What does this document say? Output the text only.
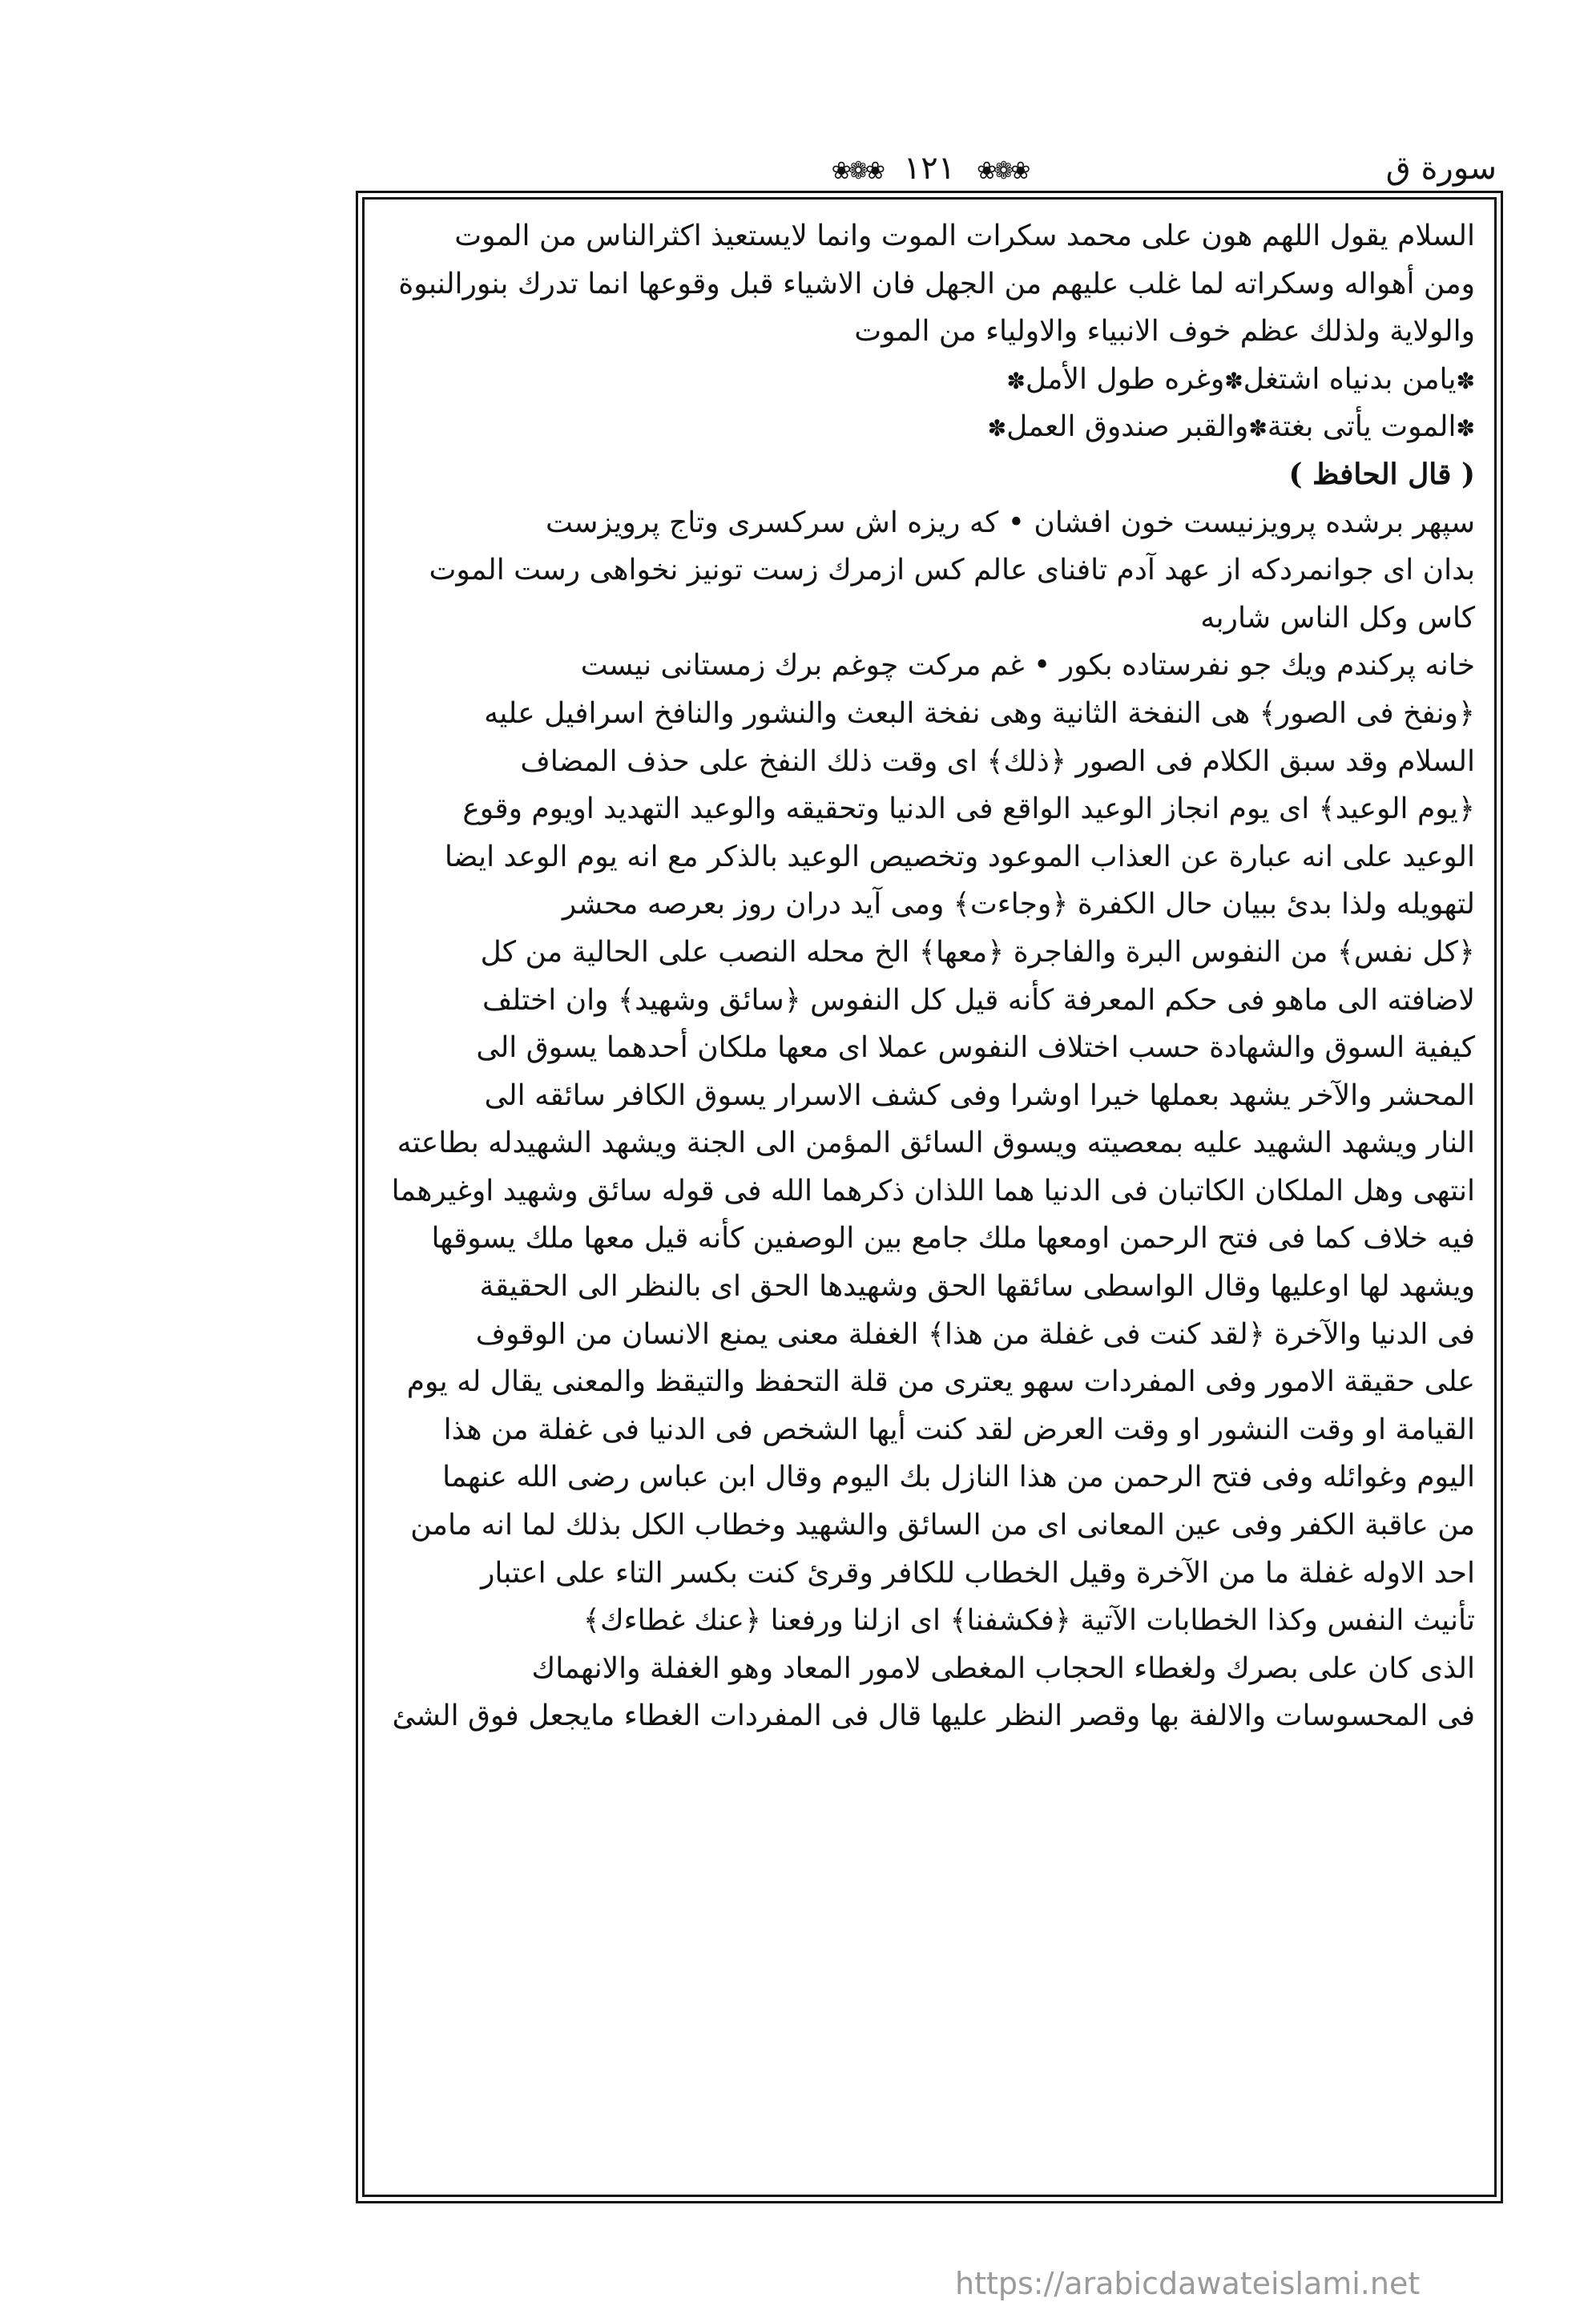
سورة ق
❀❁❀ ١٢١ ❀❁❀
السلام يقول اللهم هون على محمد سكرات الموت وانما لايستعيذ اكثرالناس من الموت
ومن أهواله وسكراته لما غلب عليهم من الجهل فان الاشياء قبل وقوعها انما تدرك بنورالنبوة
والولاية ولذلك عظم خوف الانبياء والاولياء من الموت
✽يامن بدنياه اشتغل✽وغره طول الأمل✽
✽الموت يأتى بغتة✽والقبر صندوق العمل✽
( قال الحافظ )
سپهر برشده پرويزنيست خون افشان • كه ريزه اش سركسرى وتاج پرويزست
بدان اى جوانمردكه از عهد آدم تافناى عالم كس ازمرك زست تونيز نخواهى رست الموت
كاس وكل الناس شاربه
خانه پركندم ويك جو نفرستاده بكور • غم مركت چوغم برك زمستانى نيست
﴿ونفخ فى الصور﴾ هى النفخة الثانية وهى نفخة البعث والنشور والنافخ اسرافيل عليه
السلام وقد سبق الكلام فى الصور ﴿ذلك﴾ اى وقت ذلك النفخ على حذف المضاف
﴿يوم الوعيد﴾ اى يوم انجاز الوعيد الواقع فى الدنيا وتحقيقه والوعيد التهديد اويوم وقوع
الوعيد على انه عبارة عن العذاب الموعود وتخصيص الوعيد بالذكر مع انه يوم الوعد ايضا
لتهويله ولذا بدئ ببيان حال الكفرة ﴿وجاءت﴾ ومى آيد دران روز بعرصه محشر
﴿كل نفس﴾ من النفوس البرة والفاجرة ﴿معها﴾ الخ محله النصب على الحالية من كل
لاضافته الى ماهو فى حكم المعرفة كأنه قيل كل النفوس ﴿سائق وشهيد﴾ وان اختلف
كيفية السوق والشهادة حسب اختلاف النفوس عملا اى معها ملكان أحدهما يسوق الى
المحشر والآخر يشهد بعملها خيرا اوشرا وفى كشف الاسرار يسوق الكافر سائقه الى
النار ويشهد الشهيد عليه بمعصيته ويسوق السائق المؤمن الى الجنة ويشهد الشهيدله بطاعته
انتهى وهل الملكان الكاتبان فى الدنيا هما اللذان ذكرهما الله فى قوله سائق وشهيد اوغيرهما
فيه خلاف كما فى فتح الرحمن اومعها ملك جامع بين الوصفين كأنه قيل معها ملك يسوقها
ويشهد لها اوعليها وقال الواسطى سائقها الحق وشهيدها الحق اى بالنظر الى الحقيقة
فى الدنيا والآخرة ﴿لقد كنت فى غفلة من هذا﴾ الغفلة معنى يمنع الانسان من الوقوف
على حقيقة الامور وفى المفردات سهو يعترى من قلة التحفظ والتيقظ والمعنى يقال له يوم
القيامة او وقت النشور او وقت العرض لقد كنت أيها الشخص فى الدنيا فى غفلة من هذا
اليوم وغوائله وفى فتح الرحمن من هذا النازل بك اليوم وقال ابن عباس رضى الله عنهما
من عاقبة الكفر وفى عين المعانى اى من السائق والشهيد وخطاب الكل بذلك لما انه مامن
احد الاوله غفلة ما من الآخرة وقيل الخطاب للكافر وقرئ كنت بكسر التاء على اعتبار
تأنيث النفس وكذا الخطابات الآتية ﴿فكشفنا﴾ اى ازلنا ورفعنا ﴿عنك غطاءك﴾
الذى كان على بصرك ولغطاء الحجاب المغطى لامور المعاد وهو الغفلة والانهماك
فى المحسوسات والالفة بها وقصر النظر عليها قال فى المفردات الغطاء مايجعل فوق الشئ
https://arabicdawateislami.net
